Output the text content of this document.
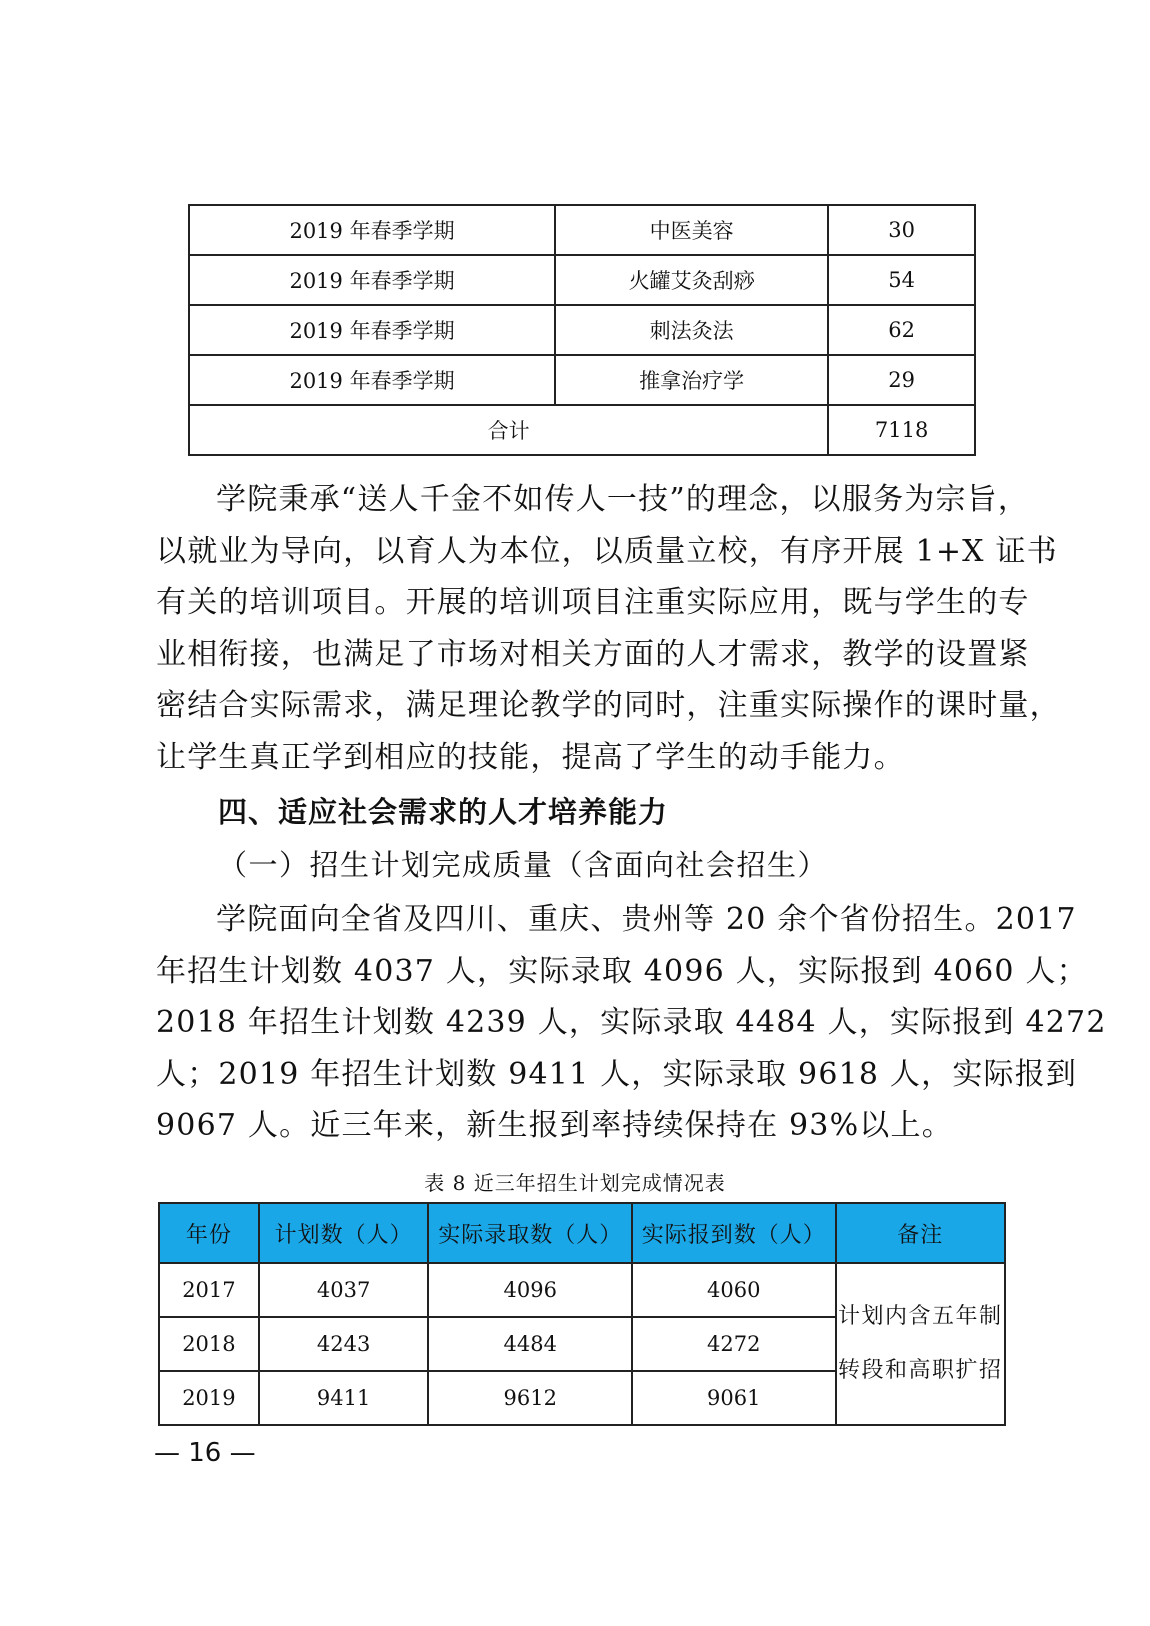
2019 年春季学期	中医美容	30
2019 年春季学期	火罐艾灸刮痧	54
2019 年春季学期	刺法灸法	62
2019 年春季学期	推拿治疗学	29
合计		7118
学院秉承“送人千金不如传人一技”的理念，以服务为宗旨，
以就业为导向，以育人为本位，以质量立校，有序开展 1+X 证书
有关的培训项目。开展的培训项目注重实际应用，既与学生的专
业相衔接，也满足了市场对相关方面的人才需求，教学的设置紧
密结合实际需求，满足理论教学的同时，注重实际操作的课时量，
让学生真正学到相应的技能，提高了学生的动手能力。
四、适应社会需求的人才培养能力
（一）招生计划完成质量（含面向社会招生）
学院面向全省及四川、重庆、贵州等 20 余个省份招生。2017
年招生计划数 4037 人，实际录取 4096 人，实际报到 4060 人；
2018 年招生计划数 4239 人，实际录取 4484 人，实际报到 4272
人；2019 年招生计划数 9411 人，实际录取 9618 人，实际报到
9067 人。近三年来，新生报到率持续保持在 93%以上。
表 8 近三年招生计划完成情况表
年份	计划数（人）	实际录取数（人）	实际报到数（人）	备注
2017	4037	4096	4060	计划内含五年制转段和高职扩招
2018	4243	4484	4272	
2019	9411	9612	9061	
— 16 —
